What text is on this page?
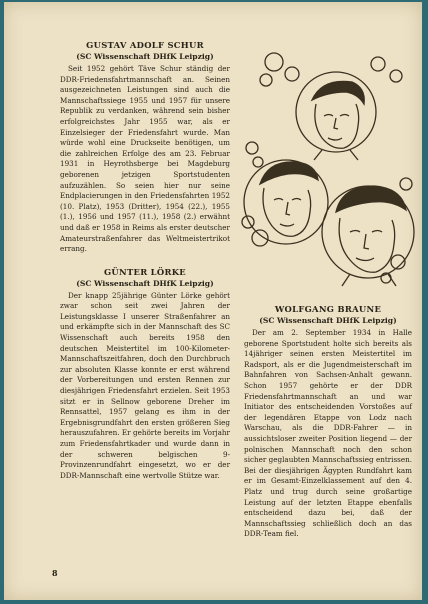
GUSTAV ADOLF SCHUR
(SC Wissenschaft DHfK Leipzig)

Seit 1952 gehört Täve Schur ständig der DDR-Friedensfahrtmannschaft an. Seinen ausgezeichneten Leistungen sind auch die Mannschaftssiege 1955 und 1957 für unsere Republik zu verdanken, während sein bisher erfolgreichstes Jahr 1955 war, als er Einzelsieger der Friedensfahrt wurde. Man würde wohl eine Druckseite benötigen, um die zahlreichen Erfolge des am 23. Februar 1931 in Heyrothsberge bei Magdeburg geborenen jetzigen Sportstudenten aufzuzählen. So seien hier nur seine Endplacierungen in den Friedensfahrten 1952 (10. Platz), 1953 (Dritter), 1954 (22.), 1955 (1.), 1956 und 1957 (11.), 1958 (2.) erwähnt und daß er 1958 in Reims als erster deutscher Amateurstraßenfahrer das Weltmeistertrikot errang.

GÜNTER LÖRKE
(SC Wissenschaft DHfK Leipzig)

Der knapp 25jährige Günter Lörke gehört zwar schon seit zwei Jahren der Leistungsklasse I unserer Straßenfahrer an und erkämpfte sich in der Mannschaft des SC Wissenschaft auch bereits 1958 den deutschen Meistertitel im 100-Kilometer-Mannschaftszeitfahren, doch den Durchbruch zur absoluten Klasse konnte er erst während der Vorbereitungen und ersten Rennen zur diesjährigen Friedensfahrt erzielen. Seit 1953 sitzt er in Sellnow geborene Dreher im Rennsattel, 1957 gelang es ihm in der Ergebnisgrundfahrt den ersten größeren Sieg herauszufahren. Er gehörte bereits im Vorjahr zum Friedensfahrtkader und wurde dann in der schweren belgischen 9-Provinzenrundfahrt eingesetzt, wo er der DDR-Mannschaft eine wertvolle Stütze war.

WOLFGANG BRAUNE
(SC Wissenschaft DHfK Leipzig)

Der am 2. September 1934 in Halle geborene Sportstudent holte sich bereits als 14jähriger seinen ersten Meistertitel im Radsport, als er die Jugendmeisterschaft im Bahnfahren von Sachsen-Anhalt gewann. Schon 1957 gehörte er der DDR Friedensfahrtmannschaft an und war Initiator des entscheidenden Vorstoßes auf der legendären Etappe von Lodz nach Warschau, als die DDR-Fahrer — in aussichtsloser zweiter Position liegend — der polnischen Mannschaft noch den schon sicher geglaubten Mannschaftssieg entrissen. Bei der diesjährigen Ägypten Rundfahrt kam er im Gesamt-Einzelklassement auf den 4. Platz und trug durch seine großartige Leistung auf der letzten Etappe ebenfalls entscheidend dazu bei, daß der Mannschaftssieg schließlich doch an das DDR-Team fiel.

8
